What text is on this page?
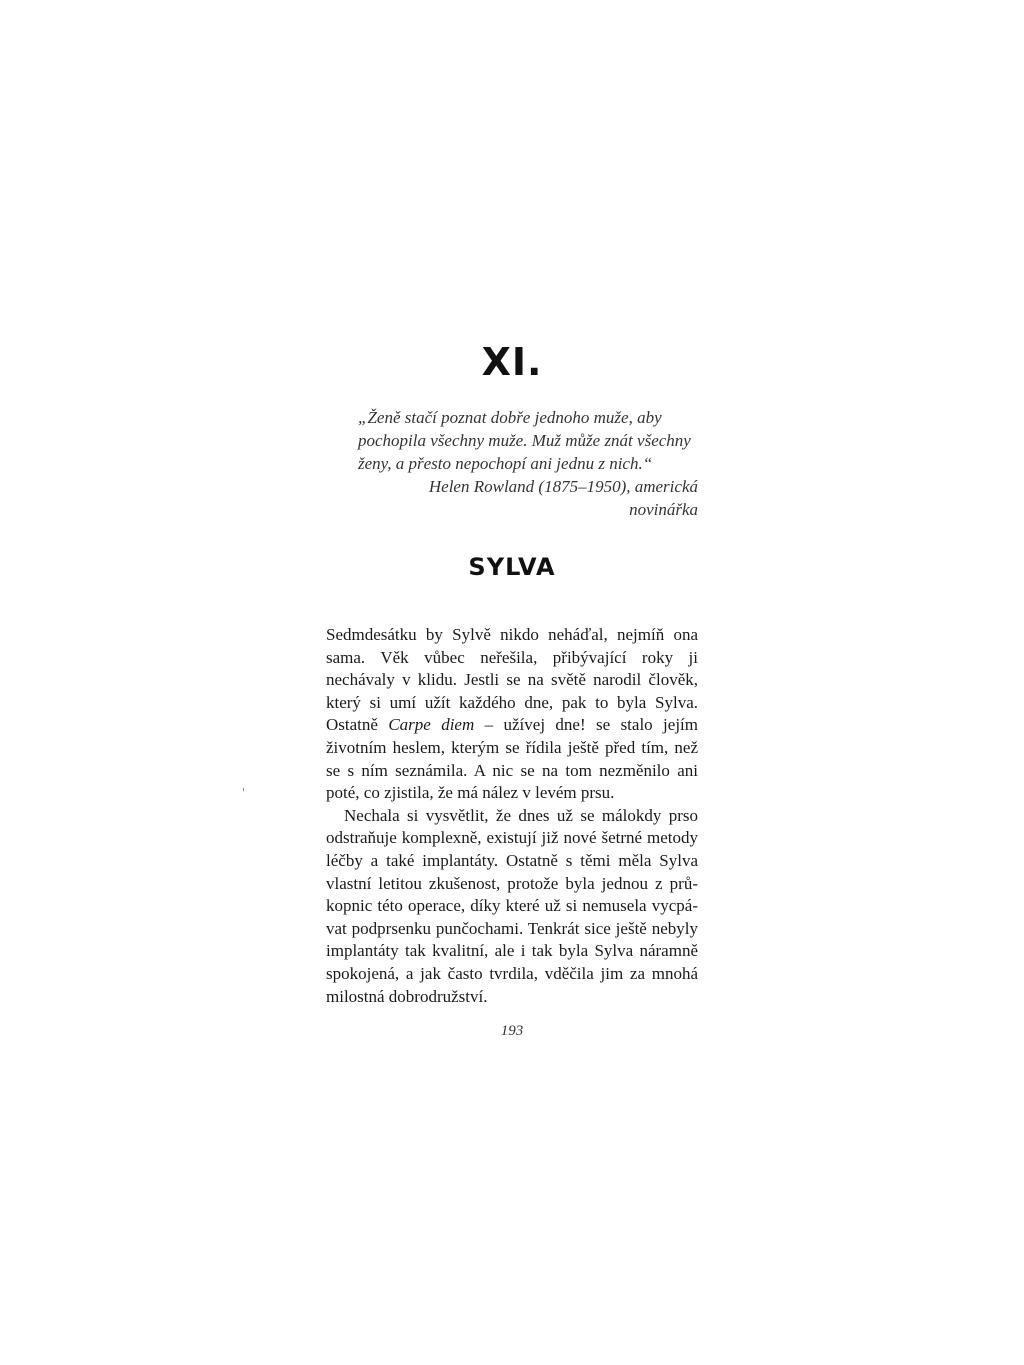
XI.

„Ženě stačí poznat dobře jednoho muže, aby pochopila všechny muže. Muž může znát všechny ženy, a přesto nepochopí ani jednu z nich.“

Helen Rowland (1875–1950), americká novinářka

SYLVA

Sedmdesátku by Sylvě nikdo neháďal, nejmíň ona sama. Věk vůbec neřešila, přibývající roky ji nechávaly v klidu. Jestli se na světě narodil člověk, který si umí užít každého dne, pak to byla Sylva. Ostatně Carpe diem – užívej dne! se stalo jejím životním heslem, kterým se řídila ještě před tím, než se s ním seznámila. A nic se na tom nezměnilo ani poté, co zjistila, že má nález v levém prsu.

Nechala si vysvětlit, že dnes už se málokdy prso odstraňuje komplexně, existují již nové šetrné metody léčby a také implantáty. Ostatně s těmi měla Sylva vlastní letitou zkušenost, protože byla jednou z průkopnic této operace, díky které už si nemusela vycpávat podprsenku punčochami. Tenkrát sice ještě nebyly implantáty tak kvalitní, ale i tak byla Sylva náramně spokojená, a jak často tvrdila, vděčila jim za mnohá milostná dobrodružství.

193
